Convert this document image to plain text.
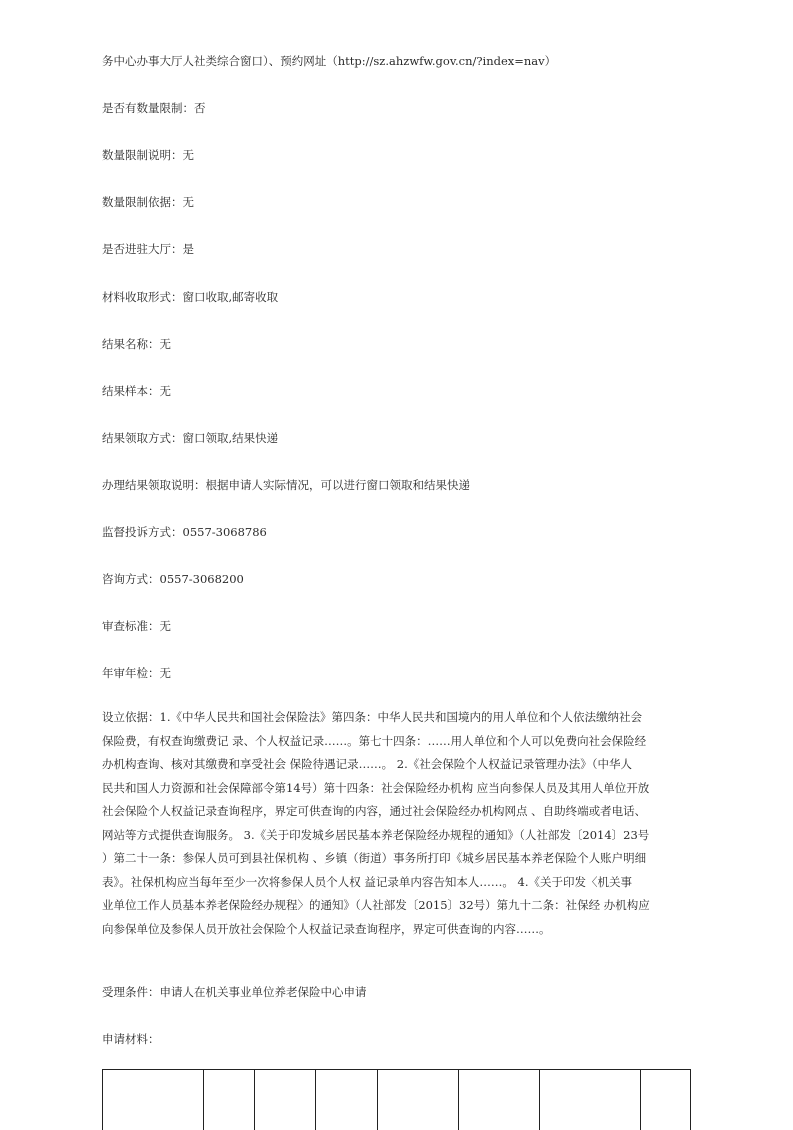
务中心办事大厅人社类综合窗口）、预约网址（http://sz.ahzwfw.gov.cn/?index=nav）
是否有数量限制：否
数量限制说明：无
数量限制依据：无
是否进驻大厅：是
材料收取形式：窗口收取,邮寄收取
结果名称：无
结果样本：无
结果领取方式：窗口领取,结果快递
办理结果领取说明：根据申请人实际情况，可以进行窗口领取和结果快递
监督投诉方式：0557-3068786
咨询方式：0557-3068200
审查标准：无
年审年检：无
设立依据：1.《中华人民共和国社会保险法》第四条：中华人民共和国境内的用人单位和个人依法缴纳社会
保险费，有权查询缴费记 录、个人权益记录……。第七十四条：……用人单位和个人可以免费向社会保险经
办机构查询、核对其缴费和享受社会 保险待遇记录……。 2.《社会保险个人权益记录管理办法》（中华人
民共和国人力资源和社会保障部令第14号）第十四条：社会保险经办机构 应当向参保人员及其用人单位开放
社会保险个人权益记录查询程序，界定可供查询的内容，通过社会保险经办机构网点 、自助终端或者电话、
网站等方式提供查询服务。 3.《关于印发城乡居民基本养老保险经办规程的通知》（人社部发〔2014〕23号
）第二十一条：参保人员可到县社保机构 、乡镇（街道）事务所打印《城乡居民基本养老保险个人账户明细
表》。社保机构应当每年至少一次将参保人员个人权 益记录单内容告知本人……。 4.《关于印发〈机关事
业单位工作人员基本养老保险经办规程〉的通知》（人社部发〔2015〕32号）第九十二条：社保经 办机构应
向参保单位及参保人员开放社会保险个人权益记录查询程序，界定可供查询的内容……。
受理条件：申请人在机关事业单位养老保险中心申请
申请材料：
